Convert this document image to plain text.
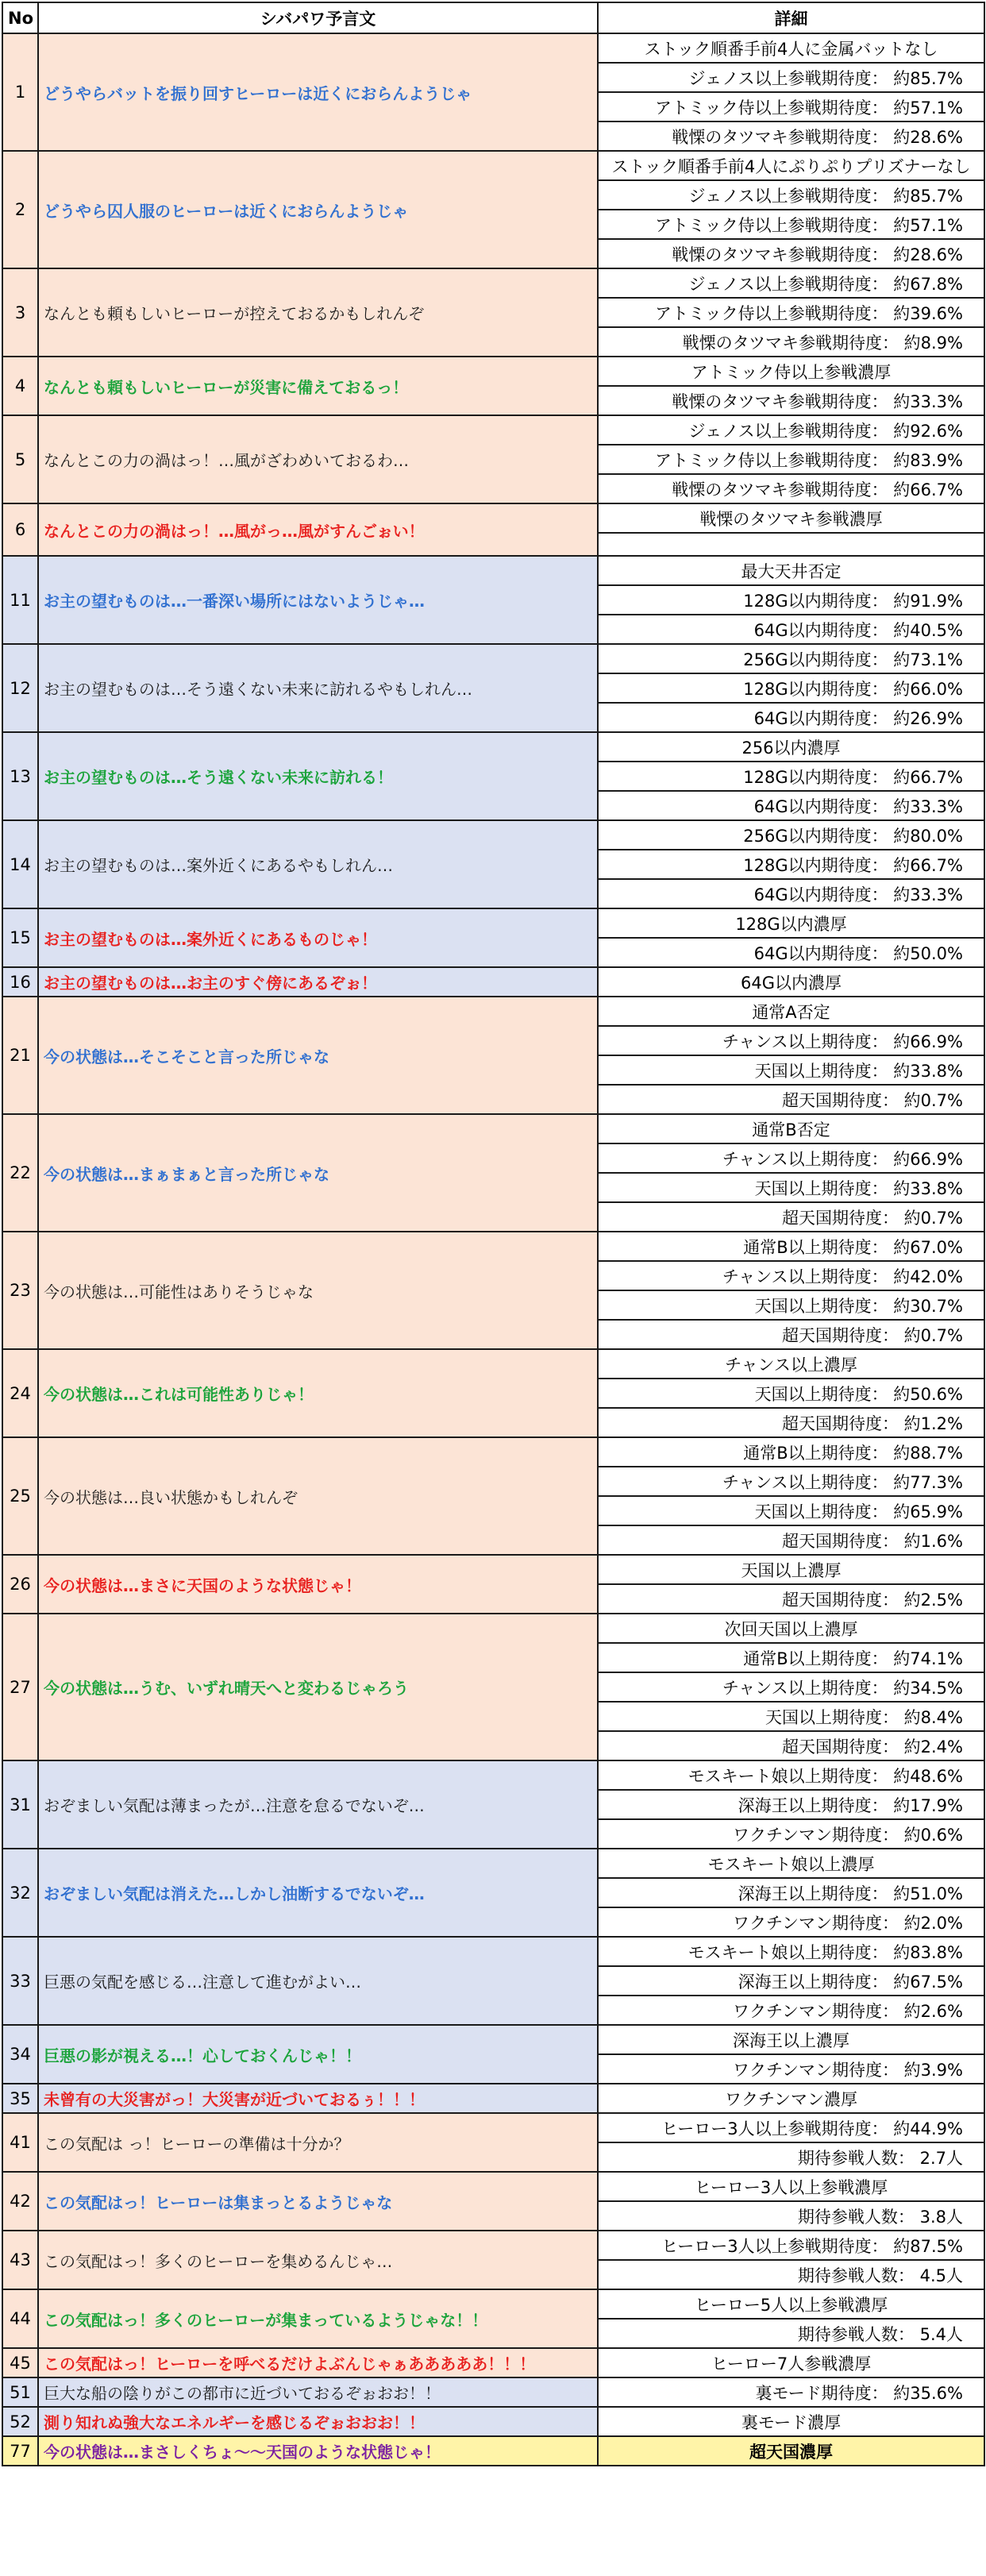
No	シバパワ予言文	詳細
1	どうやらバットを振り回すヒーローは近くにおらんようじゃ	ストック順番手前4人に金属バットなし
		ジェノス以上参戦期待度： 約85.7%
		アトミック侍以上参戦期待度： 約57.1%
		戦慄のタツマキ参戦期待度： 約28.6%
2	どうやら囚人服のヒーローは近くにおらんようじゃ	ストック順番手前4人にぷりぷりプリズナーなし
		ジェノス以上参戦期待度： 約85.7%
		アトミック侍以上参戦期待度： 約57.1%
		戦慄のタツマキ参戦期待度： 約28.6%
3	なんとも頼もしいヒーローが控えておるかもしれんぞ	ジェノス以上参戦期待度： 約67.8%
		アトミック侍以上参戦期待度： 約39.6%
		戦慄のタツマキ参戦期待度： 約8.9%
4	なんとも頼もしいヒーローが災害に備えておるっ！	アトミック侍以上参戦濃厚
		戦慄のタツマキ参戦期待度： 約33.3%
5	なんとこの力の渦はっ！…風がざわめいておるわ…	ジェノス以上参戦期待度： 約92.6%
		アトミック侍以上参戦期待度： 約83.9%
		戦慄のタツマキ参戦期待度： 約66.7%
6	なんとこの力の渦はっ！…風がっ…風がすんごぉい！	戦慄のタツマキ参戦濃厚

11	お主の望むものは…一番深い場所にはないようじゃ…	最大天井否定
		128G以内期待度： 約91.9%
		64G以内期待度： 約40.5%
12	お主の望むものは…そう遠くない未来に訪れるやもしれん…	256G以内期待度： 約73.1%
		128G以内期待度： 約66.0%
		64G以内期待度： 約26.9%
13	お主の望むものは…そう遠くない未来に訪れる！	256以内濃厚
		128G以内期待度： 約66.7%
		64G以内期待度： 約33.3%
14	お主の望むものは…案外近くにあるやもしれん…	256G以内期待度： 約80.0%
		128G以内期待度： 約66.7%
		64G以内期待度： 約33.3%
15	お主の望むものは…案外近くにあるものじゃ！	128G以内濃厚
		64G以内期待度： 約50.0%
16	お主の望むものは…お主のすぐ傍にあるぞぉ！	64G以内濃厚
21	今の状態は…そこそこと言った所じゃな	通常A否定
		チャンス以上期待度： 約66.9%
		天国以上期待度： 約33.8%
		超天国期待度： 約0.7%
22	今の状態は…まぁまぁと言った所じゃな	通常B否定
		チャンス以上期待度： 約66.9%
		天国以上期待度： 約33.8%
		超天国期待度： 約0.7%
23	今の状態は…可能性はありそうじゃな	通常B以上期待度： 約67.0%
		チャンス以上期待度： 約42.0%
		天国以上期待度： 約30.7%
		超天国期待度： 約0.7%
24	今の状態は…これは可能性ありじゃ！	チャンス以上濃厚
		天国以上期待度： 約50.6%
		超天国期待度： 約1.2%
25	今の状態は…良い状態かもしれんぞ	通常B以上期待度： 約88.7%
		チャンス以上期待度： 約77.3%
		天国以上期待度： 約65.9%
		超天国期待度： 約1.6%
26	今の状態は…まさに天国のような状態じゃ！	天国以上濃厚
		超天国期待度： 約2.5%
27	今の状態は…うむ、いずれ晴天へと変わるじゃろう	次回天国以上濃厚
		通常B以上期待度： 約74.1%
		チャンス以上期待度： 約34.5%
		天国以上期待度： 約8.4%
		超天国期待度： 約2.4%
31	おぞましい気配は薄まったが…注意を怠るでないぞ…	モスキート娘以上期待度： 約48.6%
		深海王以上期待度： 約17.9%
		ワクチンマン期待度： 約0.6%
32	おぞましい気配は消えた…しかし油断するでないぞ…	モスキート娘以上濃厚
		深海王以上期待度： 約51.0%
		ワクチンマン期待度： 約2.0%
33	巨悪の気配を感じる…注意して進むがよい…	モスキート娘以上期待度： 約83.8%
		深海王以上期待度： 約67.5%
		ワクチンマン期待度： 約2.6%
34	巨悪の影が視える…！心しておくんじゃ！！	深海王以上濃厚
		ワクチンマン期待度： 約3.9%
35	未曾有の大災害がっ！大災害が近づいておるぅ！！！	ワクチンマン濃厚
41	この気配は っ！ヒーローの準備は十分か？	ヒーロー3人以上参戦期待度： 約44.9%
		期待参戦人数： 2.7人
42	この気配はっ！ヒーローは集まっとるようじゃな	ヒーロー3人以上参戦濃厚
		期待参戦人数： 3.8人
43	この気配はっ！多くのヒーローを集めるんじゃ…	ヒーロー3人以上参戦期待度： 約87.5%
		期待参戦人数： 4.5人
44	この気配はっ！多くのヒーローが集まっているようじゃな！！	ヒーロー5人以上参戦濃厚
		期待参戦人数： 5.4人
45	この気配はっ！ヒーローを呼べるだけよぶんじゃぁあああああ！！！	ヒーロー7人参戦濃厚
51	巨大な船の陰りがこの都市に近づいておるぞぉおお！！	裏モード期待度： 約35.6%
52	測り知れぬ強大なエネルギーを感じるぞぉおおお！！	裏モード濃厚
77	今の状態は…まさしくちょ～～天国のような状態じゃ！	超天国濃厚
